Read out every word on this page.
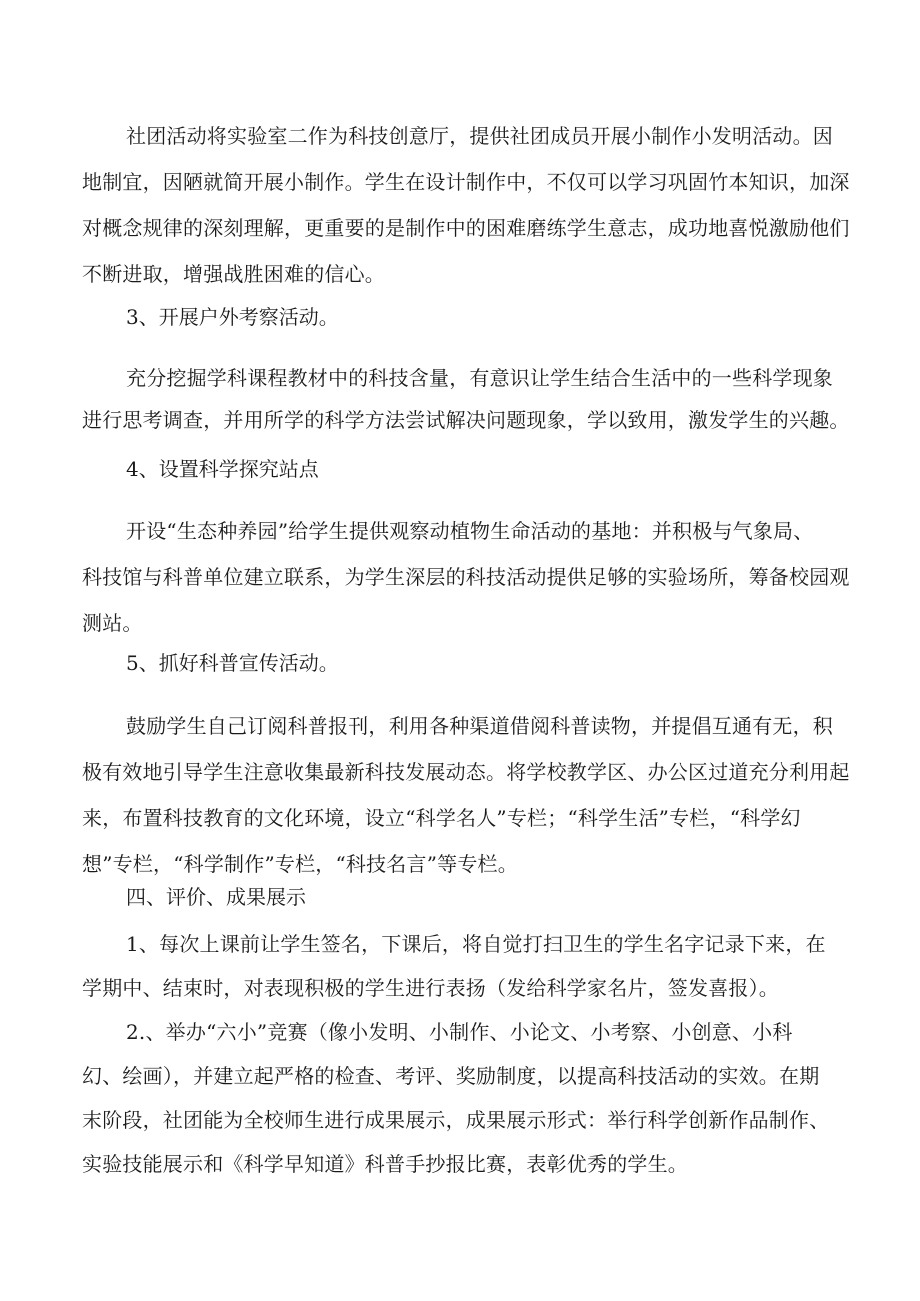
社团活动将实验室二作为科技创意厅，提供社团成员开展小制作小发明活动。因
地制宜，因陋就简开展小制作。学生在设计制作中，不仅可以学习巩固竹本知识，加深
对概念规律的深刻理解，更重要的是制作中的困难磨练学生意志，成功地喜悦激励他们
不断进取，增强战胜困难的信心。
3、开展户外考察活动。
充分挖掘学科课程教材中的科技含量，有意识让学生结合生活中的一些科学现象
进行思考调查，并用所学的科学方法尝试解决问题现象，学以致用，激发学生的兴趣。
4、设置科学探究站点
开设“生态种养园”给学生提供观察动植物生命活动的基地：并积极与气象局、
科技馆与科普单位建立联系，为学生深层的科技活动提供足够的实验场所，筹备校园观
测站。
5、抓好科普宣传活动。
鼓励学生自己订阅科普报刊，利用各种渠道借阅科普读物，并提倡互通有无，积
极有效地引导学生注意收集最新科技发展动态。将学校教学区、办公区过道充分利用起
来，布置科技教育的文化环境，设立“科学名人”专栏；“科学生活”专栏，“科学幻
想”专栏，“科学制作”专栏，“科技名言”等专栏。
四、评价、成果展示
1、每次上课前让学生签名，下课后，将自觉打扫卫生的学生名字记录下来，在
学期中、结束时，对表现积极的学生进行表扬（发给科学家名片，签发喜报）。
2.、举办“六小”竞赛（像小发明、小制作、小论文、小考察、小创意、小科
幻、绘画），并建立起严格的检查、考评、奖励制度，以提高科技活动的实效。在期
末阶段，社团能为全校师生进行成果展示，成果展示形式：举行科学创新作品制作、
实验技能展示和《科学早知道》科普手抄报比赛，表彰优秀的学生。
